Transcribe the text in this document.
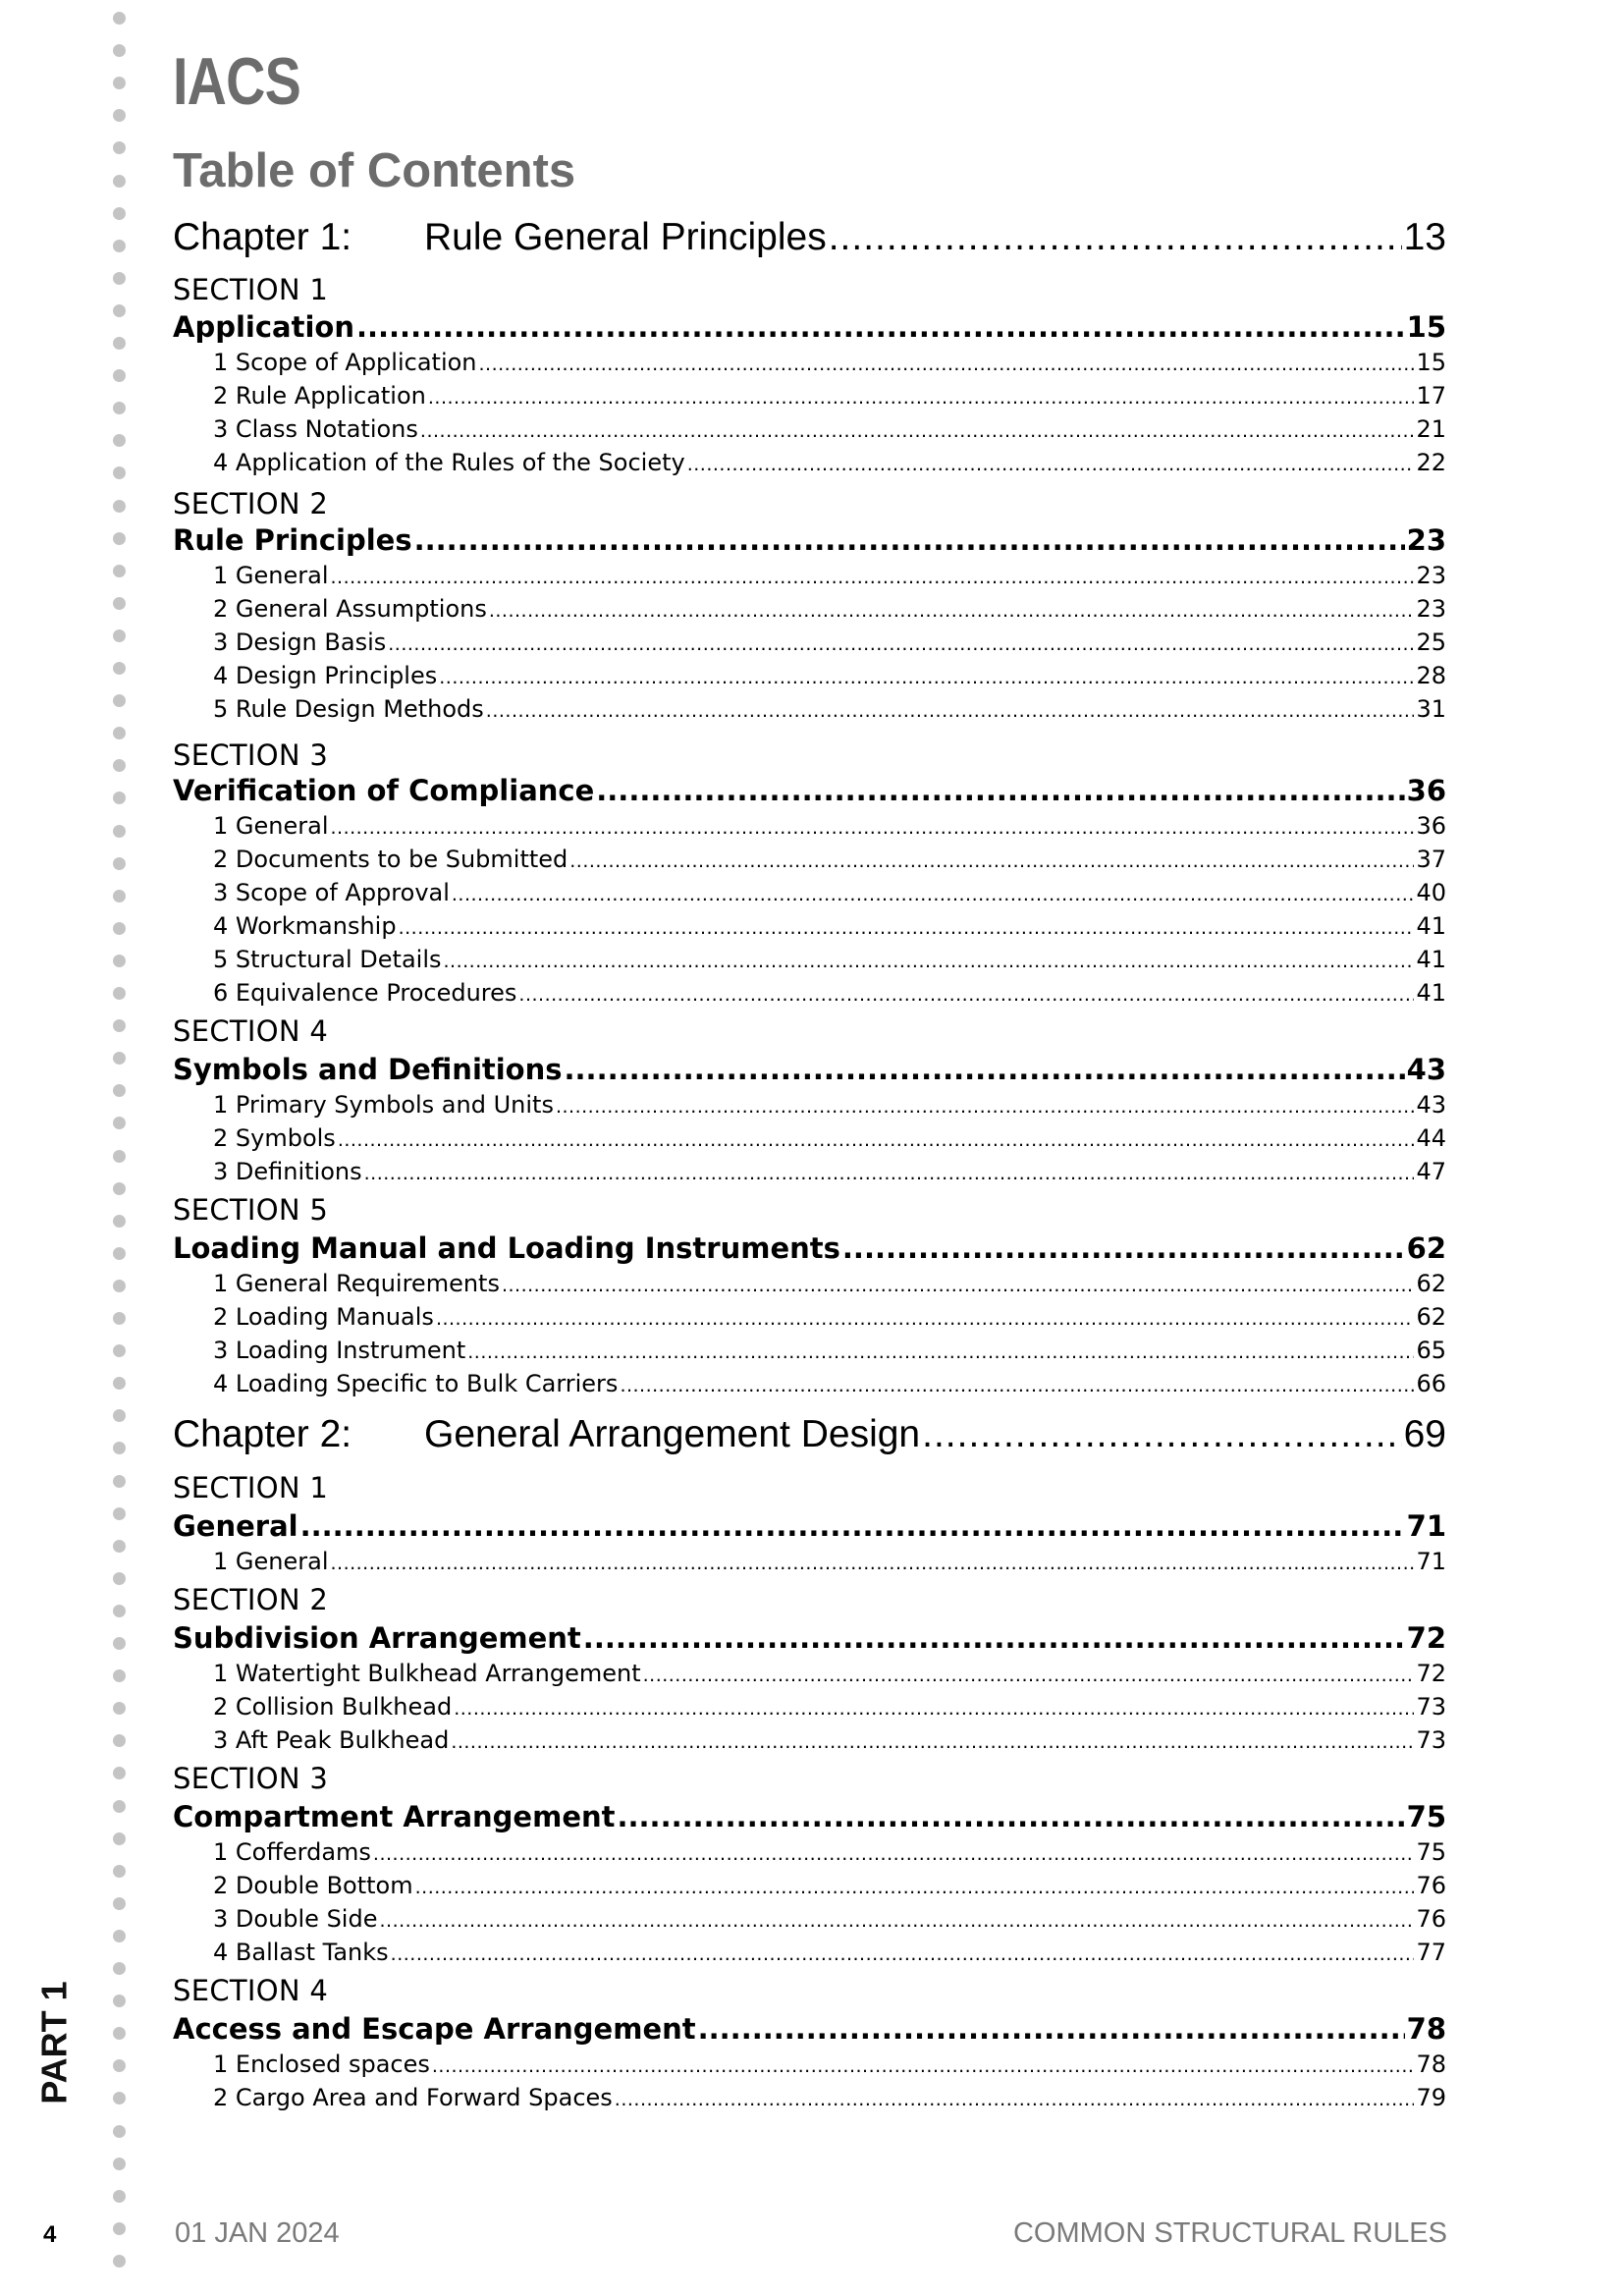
PART 1
IACS
Table of Contents
Chapter 1:	Rule General Principles .....	13
SECTION 1
Application .....	15
1 Scope of Application .....	15
2 Rule Application .....	17
3 Class Notations .....	21
4 Application of the Rules of the Society .....	22
SECTION 2
Rule Principles .....	23
1 General .....	23
2 General Assumptions .....	23
3 Design Basis .....	25
4 Design Principles .....	28
5 Rule Design Methods .....	31
SECTION 3
Verification of Compliance .....	36
1 General .....	36
2 Documents to be Submitted .....	37
3 Scope of Approval .....	40
4 Workmanship .....	41
5 Structural Details .....	41
6 Equivalence Procedures .....	41
SECTION 4
Symbols and Definitions .....	43
1 Primary Symbols and Units .....	43
2 Symbols .....	44
3 Definitions .....	47
SECTION 5
Loading Manual and Loading Instruments .....	62
1 General Requirements .....	62
2 Loading Manuals .....	62
3 Loading Instrument .....	65
4 Loading Specific to Bulk Carriers .....	66
Chapter 2:	General Arrangement Design .....	69
SECTION 1
General .....	71
1 General .....	71
SECTION 2
Subdivision Arrangement .....	72
1 Watertight Bulkhead Arrangement .....	72
2 Collision Bulkhead .....	73
3 Aft Peak Bulkhead .....	73
SECTION 3
Compartment Arrangement .....	75
1 Cofferdams .....	75
2 Double Bottom .....	76
3 Double Side .....	76
4 Ballast Tanks .....	77
SECTION 4
Access and Escape Arrangement .....	78
1 Enclosed spaces .....	78
2 Cargo Area and Forward Spaces .....	79
4	01 JAN 2024	COMMON STRUCTURAL RULES
